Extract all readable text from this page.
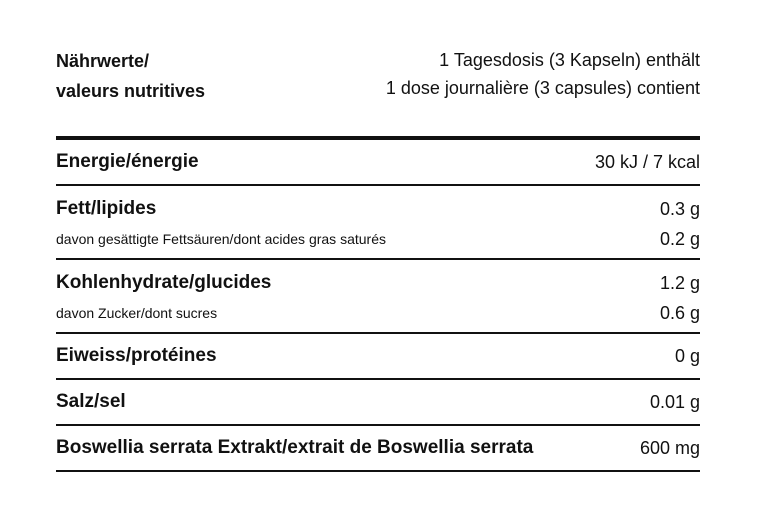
Nährwerte/
valeurs nutritives
1 Tagesdosis (3 Kapseln) enthält
1 dose journalière (3 capsules) contient
Energie/énergie	30 kJ / 7 kcal
Fett/lipides	0.3 g
davon gesättigte Fettsäuren/dont acides gras saturés	0.2 g
Kohlenhydrate/glucides	1.2 g
davon Zucker/dont sucres	0.6 g
Eiweiss/protéines	0 g
Salz/sel	0.01 g
Boswellia serrata Extrakt/extrait de Boswellia serrata	600 mg
